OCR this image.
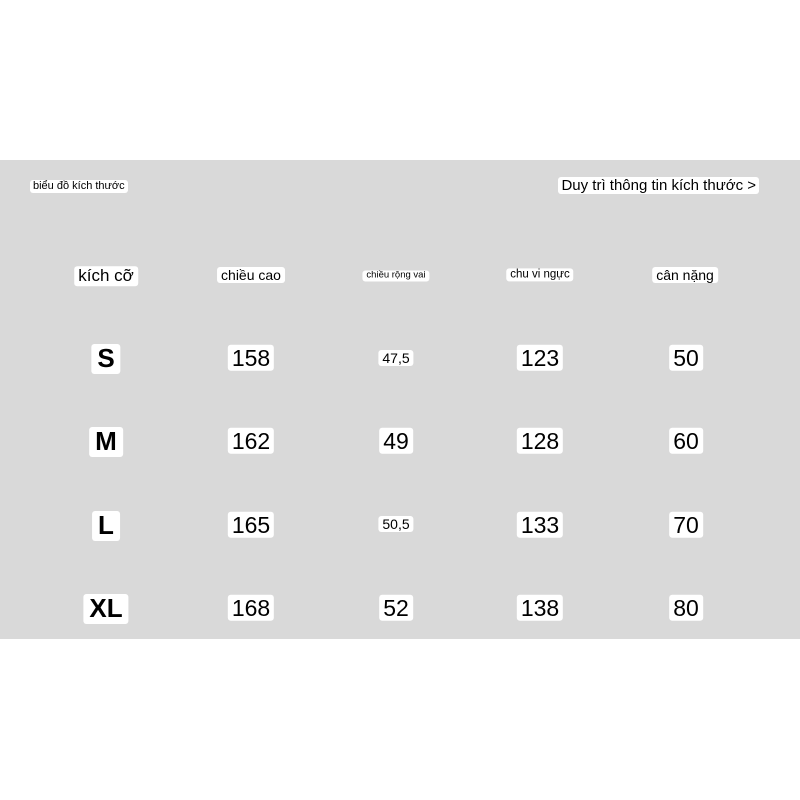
biểu đồ kích thước	Duy trì thông tin kích thước >
kích cỡ	chiều cao	chiều rộng vai	chu vi ngực	cân nặng
S	158	47,5	123	50
M	162	49	128	60
L	165	50,5	133	70
XL	168	52	138	80
